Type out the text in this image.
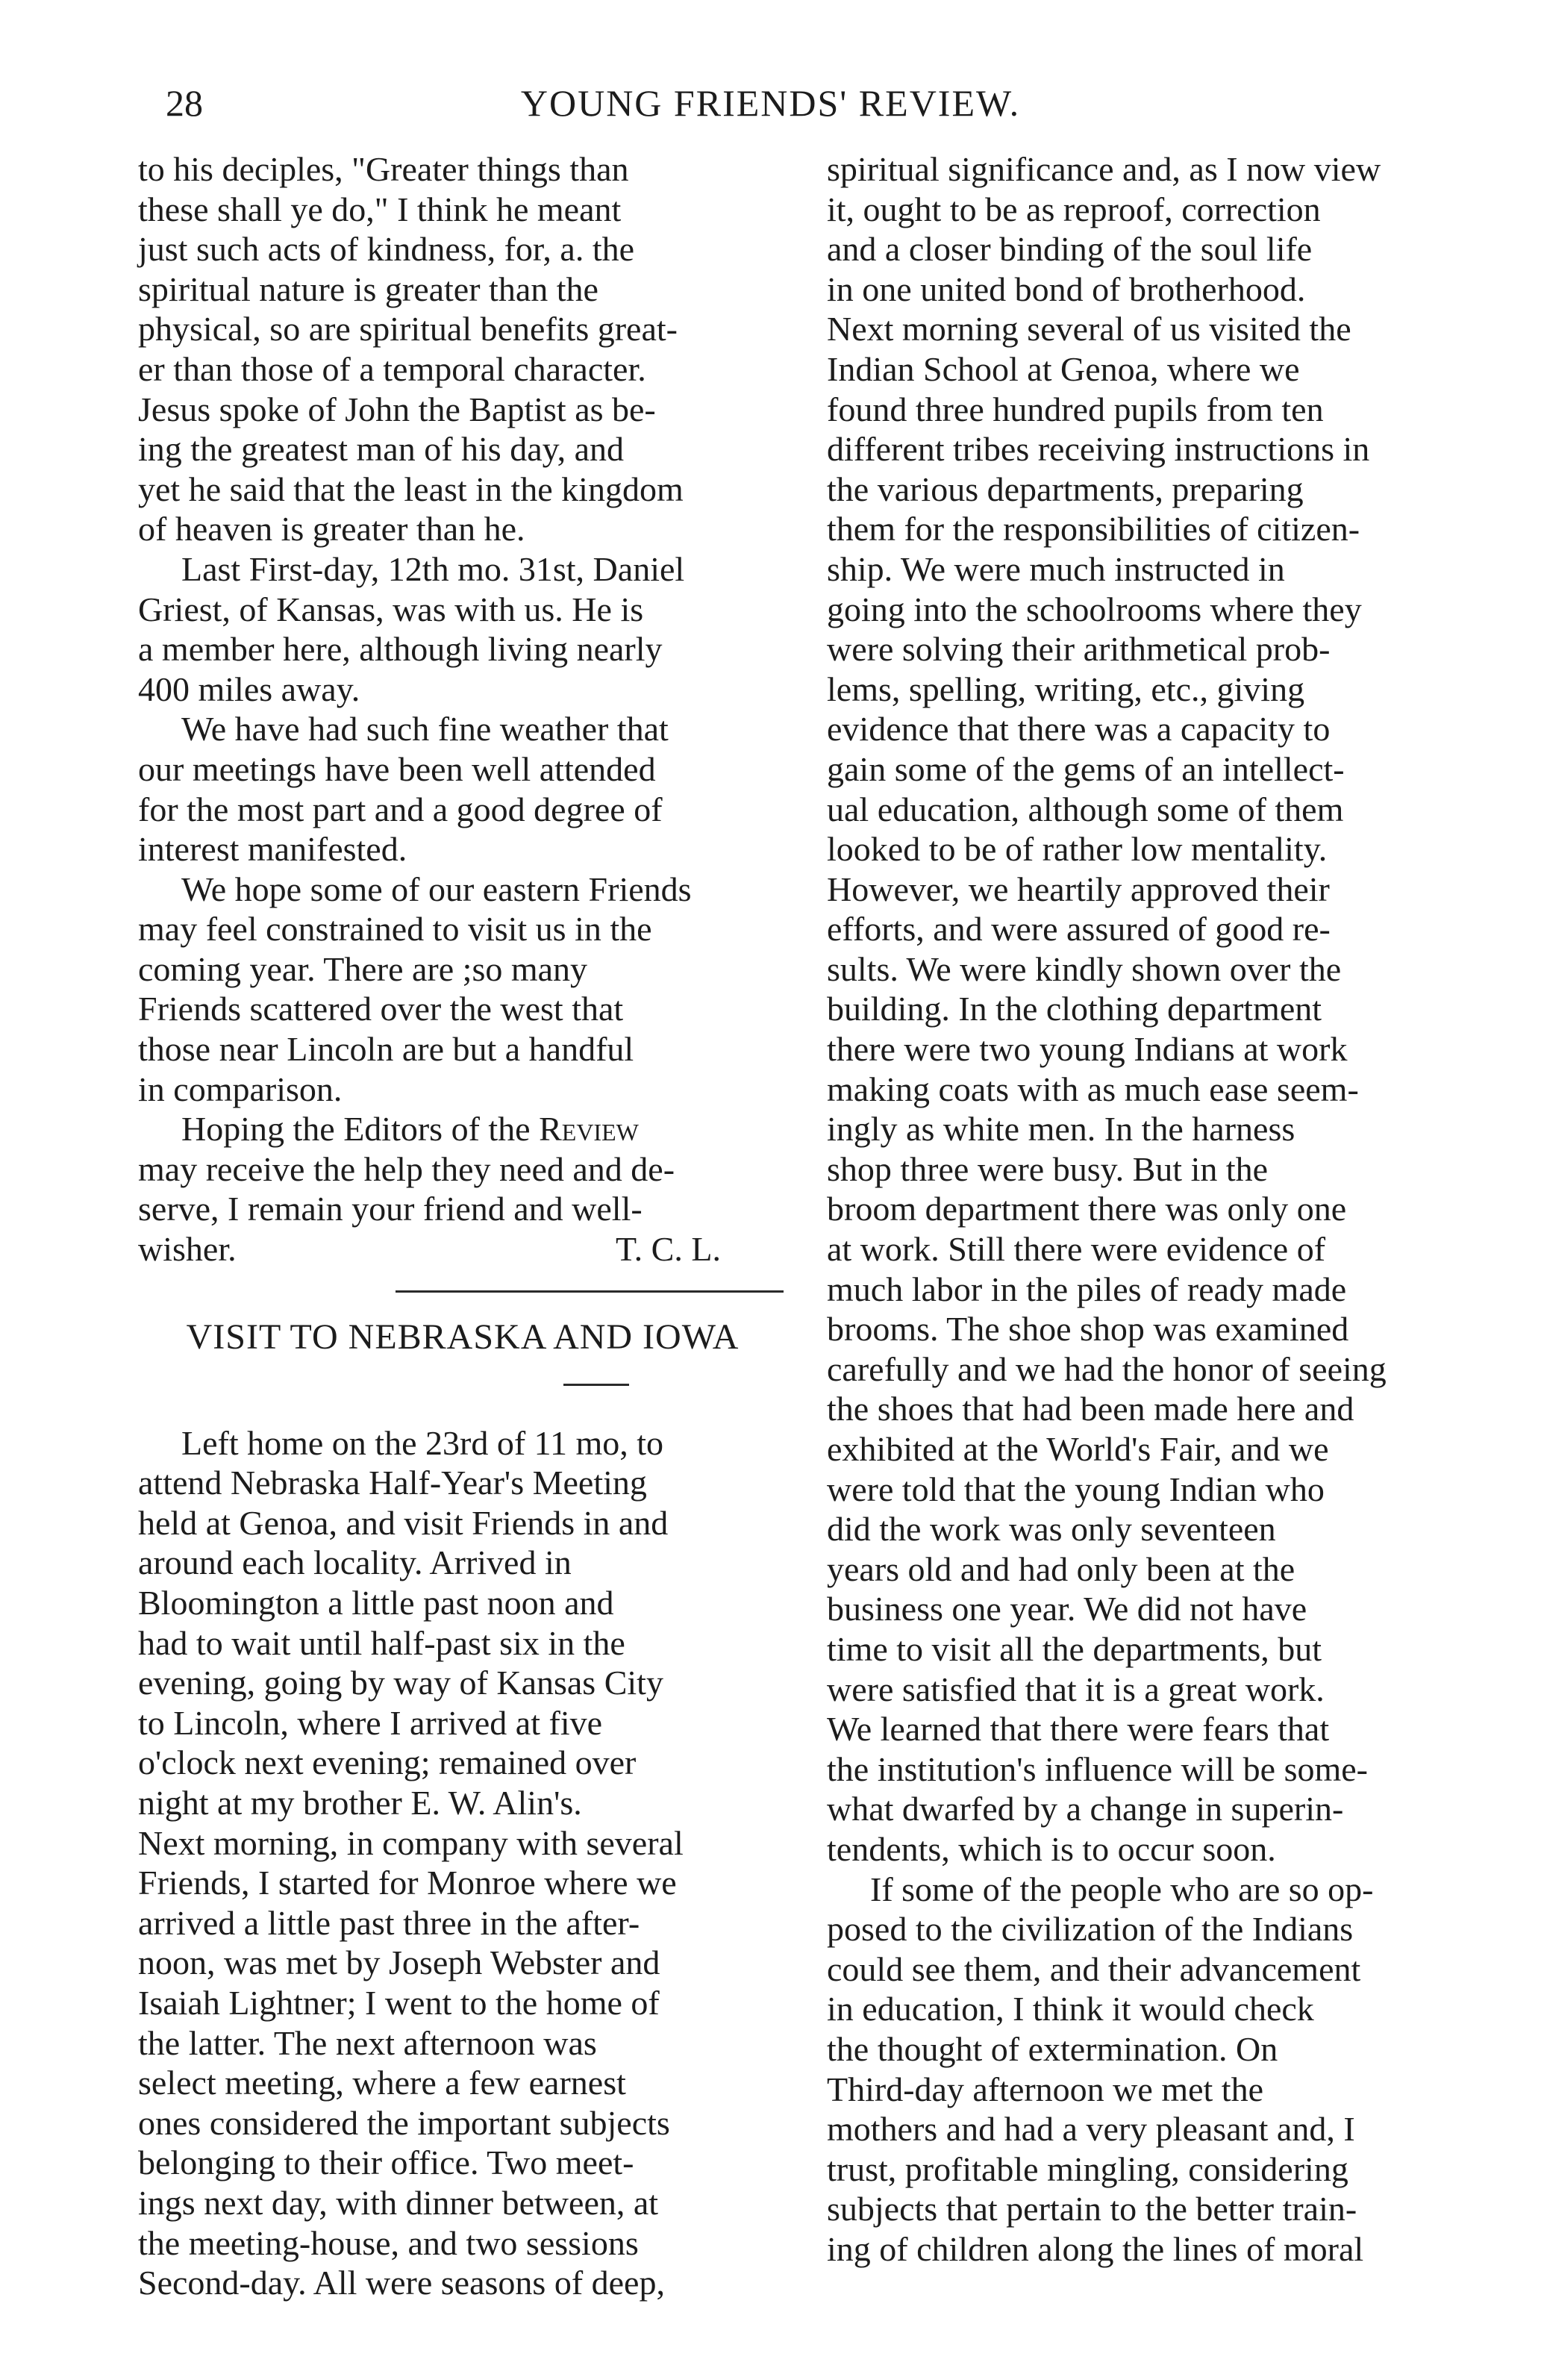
28	YOUNG FRIENDS' REVIEW.

to his deciples, "Greater things than
these shall ye do," I think he meant
just such acts of kindness, for, a. the
spiritual nature is greater than the
physical, so are spiritual benefits great-
er than those of a temporal character.
Jesus spoke of John the Baptist as be-
ing the greatest man of his day, and
yet he said that the least in the kingdom
of heaven is greater than he.

Last First-day, 12th mo. 31st, Daniel
Griest, of Kansas, was with us. He is
a member here, although living nearly
400 miles away.

We have had such fine weather that
our meetings have been well attended
for the most part and a good degree of
interest manifested.

We hope some of our eastern Friends
may feel constrained to visit us in the
coming year. There are ;so many
Friends scattered over the west that
those near Lincoln are but a handful
in comparison.

Hoping the Editors of the Review
may receive the help they need and de-
serve, I remain your friend and well-

wisher.	T. C. L.
VISIT TO NEBRASKA AND IOWA

Left home on the 23rd of 11 mo, to
attend Nebraska Half-Year's Meeting
held at Genoa, and visit Friends in and
around each locality. Arrived in
Bloomington a little past noon and
had to wait until half-past six in the
evening, going by way of Kansas City
to Lincoln, where I arrived at five
o'clock next evening; remained over
night at my brother E. W. Alin's.
Next morning, in company with several
Friends, I started for Monroe where we
arrived a little past three in the after-
noon, was met by Joseph Webster and
Isaiah Lightner; I went to the home of
the latter. The next afternoon was
select meeting, where a few earnest
ones considered the important subjects
belonging to their office. Two meet-
ings next day, with dinner between, at
the meeting-house, and two sessions
Second-day. All were seasons of deep,

spiritual significance and, as I now view
it, ought to be as reproof, correction
and a closer binding of the soul life
in one united bond of brotherhood.
Next morning several of us visited the
Indian School at Genoa, where we
found three hundred pupils from ten
different tribes receiving instructions in
the various departments, preparing
them for the responsibilities of citizen-
ship. We were much instructed in
going into the schoolrooms where they
were solving their arithmetical prob-
lems, spelling, writing, etc., giving
evidence that there was a capacity to
gain some of the gems of an intellect-
ual education, although some of them
looked to be of rather low mentality.
However, we heartily approved their
efforts, and were assured of good re-
sults. We were kindly shown over the
building. In the clothing department
there were two young Indians at work
making coats with as much ease seem-
ingly as white men. In the harness
shop three were busy. But in the
broom department there was only one
at work. Still there were evidence of
much labor in the piles of ready made
brooms. The shoe shop was examined
carefully and we had the honor of seeing
the shoes that had been made here and
exhibited at the World's Fair, and we
were told that the young Indian who
did the work was only seventeen
years old and had only been at the
business one year. We did not have
time to visit all the departments, but
were satisfied that it is a great work.
We learned that there were fears that
the institution's influence will be some-
what dwarfed by a change in superin-
tendents, which is to occur soon.

If some of the people who are so op-
posed to the civilization of the Indians
could see them, and their advancement
in education, I think it would check
the thought of extermination. On
Third-day afternoon we met the
mothers and had a very pleasant and, I
trust, profitable mingling, considering
subjects that pertain to the better train-
ing of children along the lines of moral
